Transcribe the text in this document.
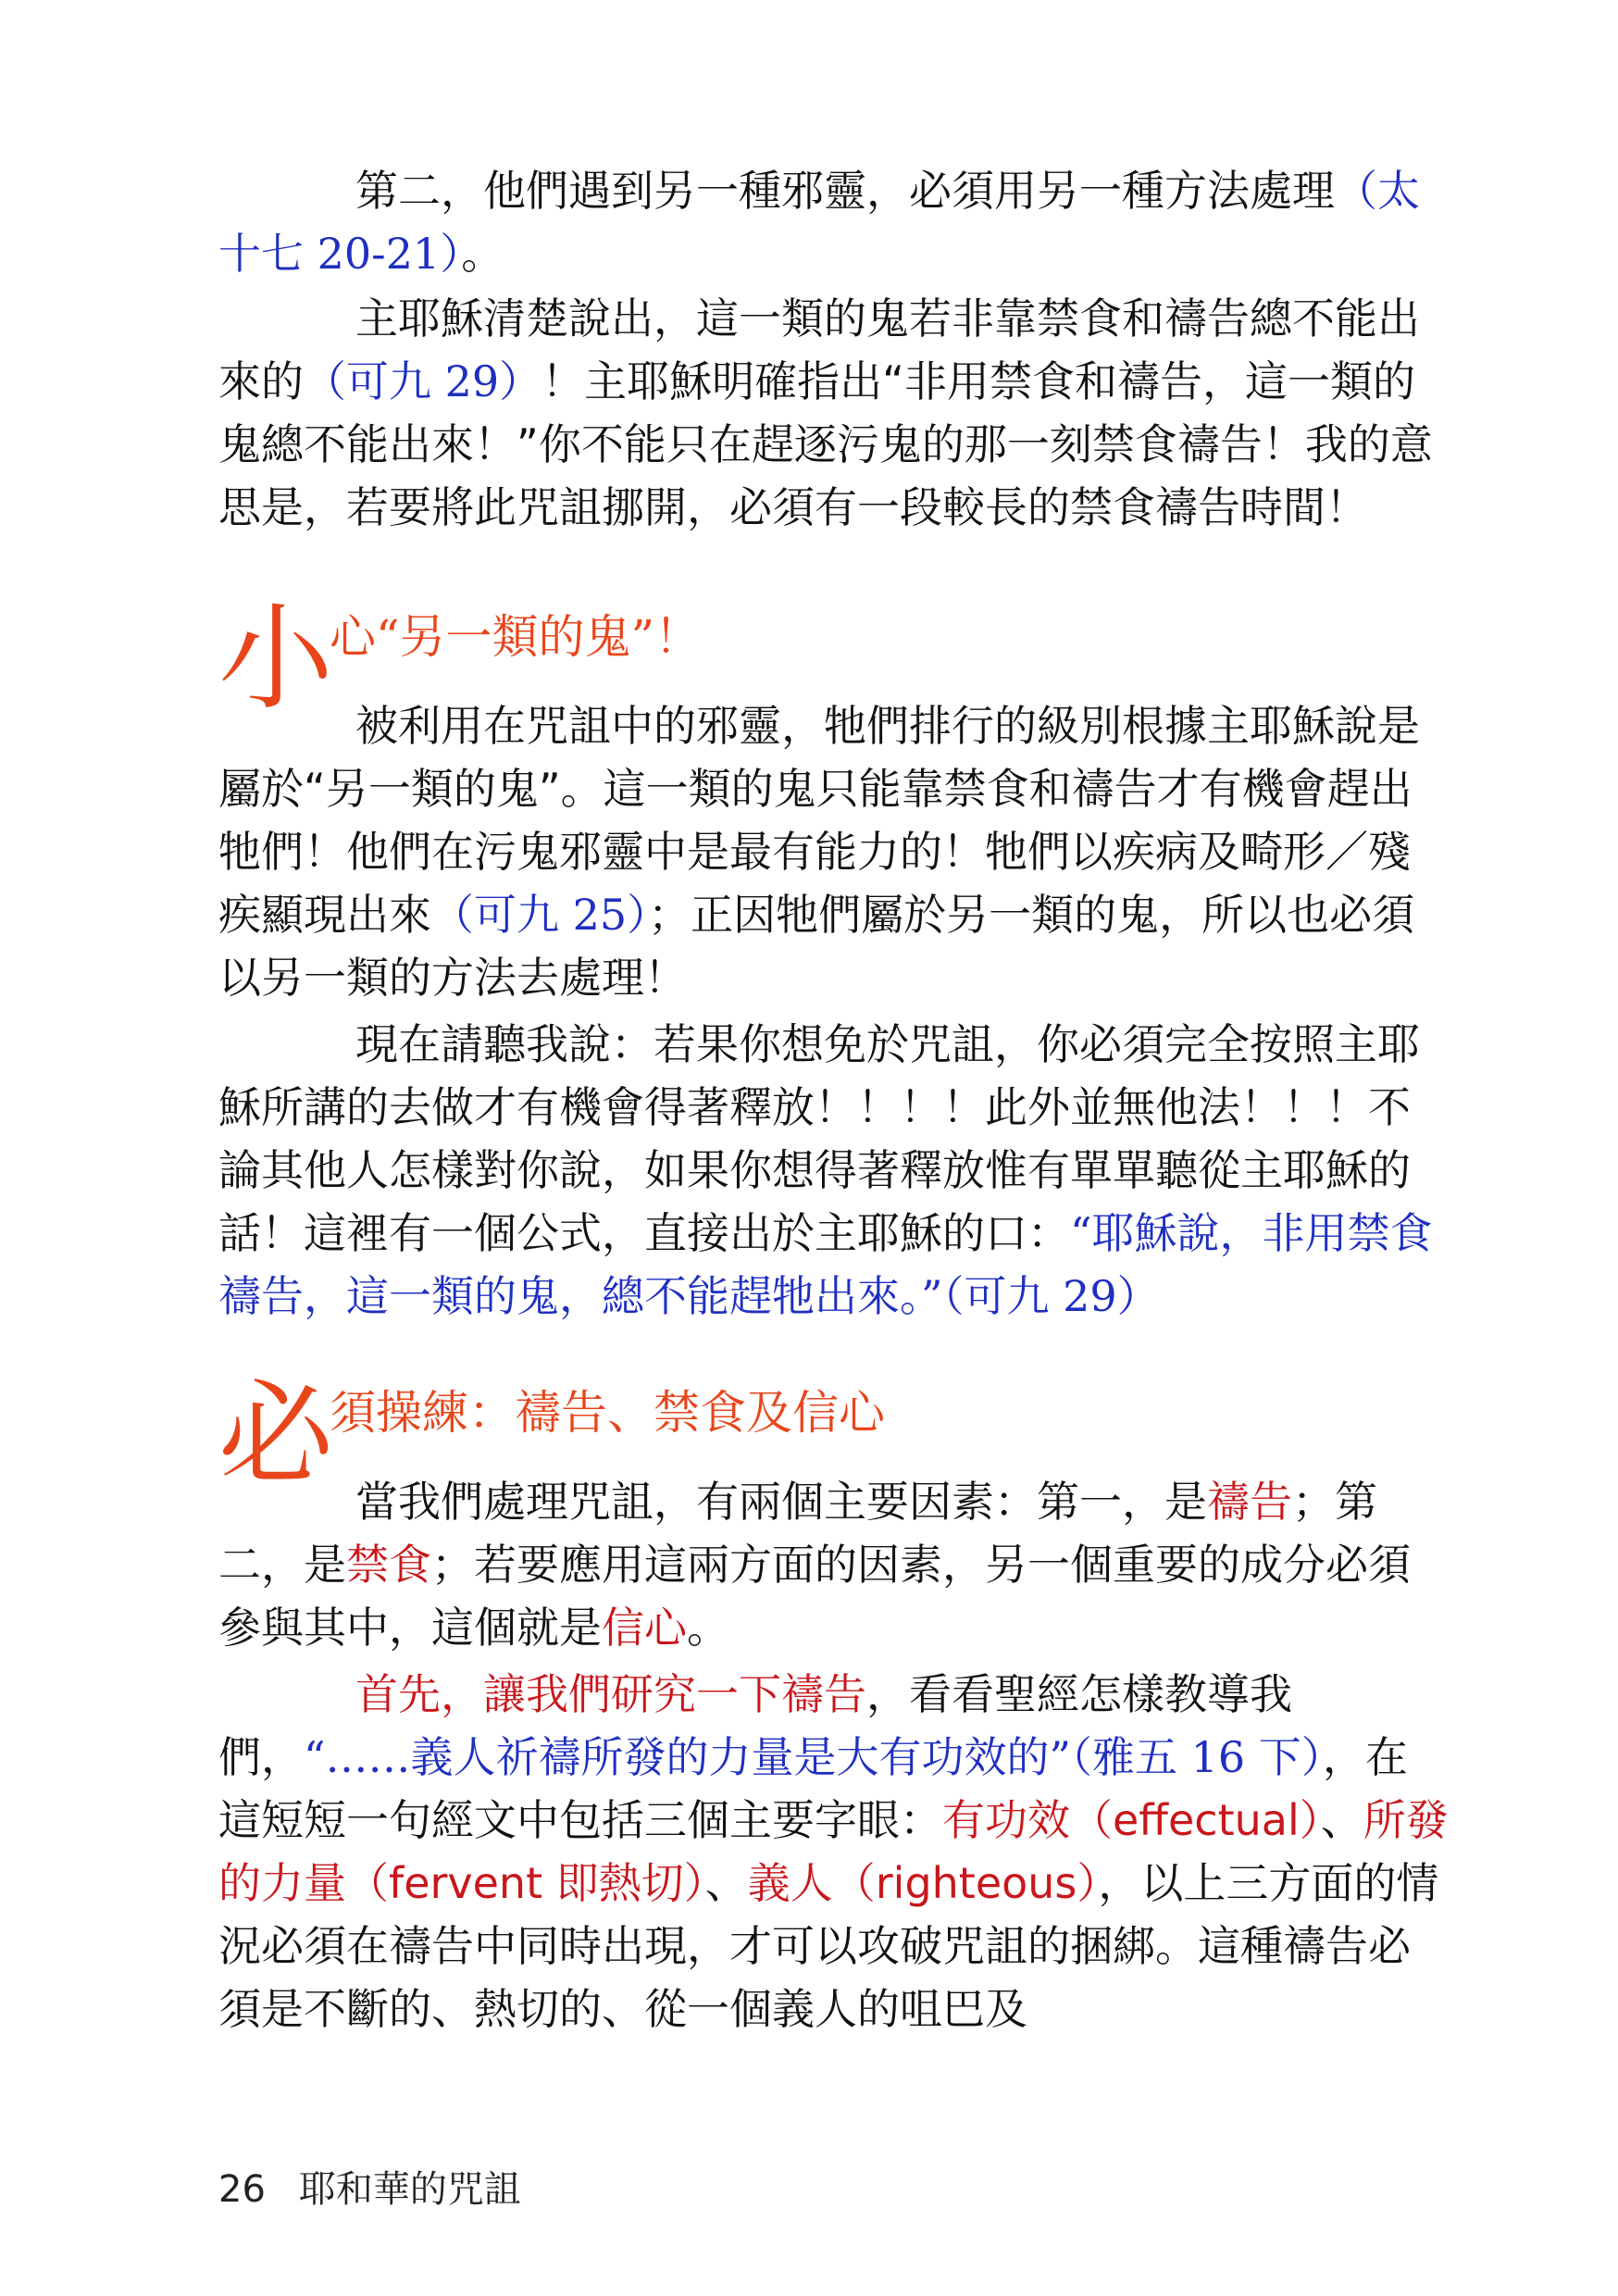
第二，他們遇到另一種邪靈，必須用另一種方法處理（太十七 20-21）。

主耶穌清楚說出，這一類的鬼若非靠禁食和禱告總不能出來的（可九 29）！主耶穌明確指出“非用禁食和禱告，這一類的鬼總不能出來！”你不能只在趕逐污鬼的那一刻禁食禱告！我的意思是，若要將此咒詛挪開，必須有一段較長的禁食禱告時間！

小
心“另一類的鬼”！

被利用在咒詛中的邪靈，牠們排行的級別根據主耶穌說是屬於“另一類的鬼”。這一類的鬼只能靠禁食和禱告才有機會趕出牠們！他們在污鬼邪靈中是最有能力的！牠們以疾病及畸形／殘疾顯現出來（可九 25）；正因牠們屬於另一類的鬼，所以也必須以另一類的方法去處理！

現在請聽我說：若果你想免於咒詛，你必須完全按照主耶穌所講的去做才有機會得著釋放！！！！此外並無他法！！！不論其他人怎樣對你說，如果你想得著釋放惟有單單聽從主耶穌的話！這裡有一個公式，直接出於主耶穌的口：“耶穌說，非用禁食禱告，這一類的鬼，總不能趕牠出來。”（可九 29）

必
須操練：禱告、禁食及信心

當我們處理咒詛，有兩個主要因素：第一，是禱告；第二，是禁食；若要應用這兩方面的因素，另一個重要的成分必須參與其中，這個就是信心。

首先，讓我們研究一下禱告，看看聖經怎樣教導我們，“……義人祈禱所發的力量是大有功效的”（雅五 16 下），在這短短一句經文中包括三個主要字眼：有功效（effectual）、所發的力量（fervent 即熱切）、義人（righteous），以上三方面的情況必須在禱告中同時出現，才可以攻破咒詛的捆綁。這種禱告必須是不斷的、熱切的、從一個義人的咀巴及

26 耶和華的咒詛
